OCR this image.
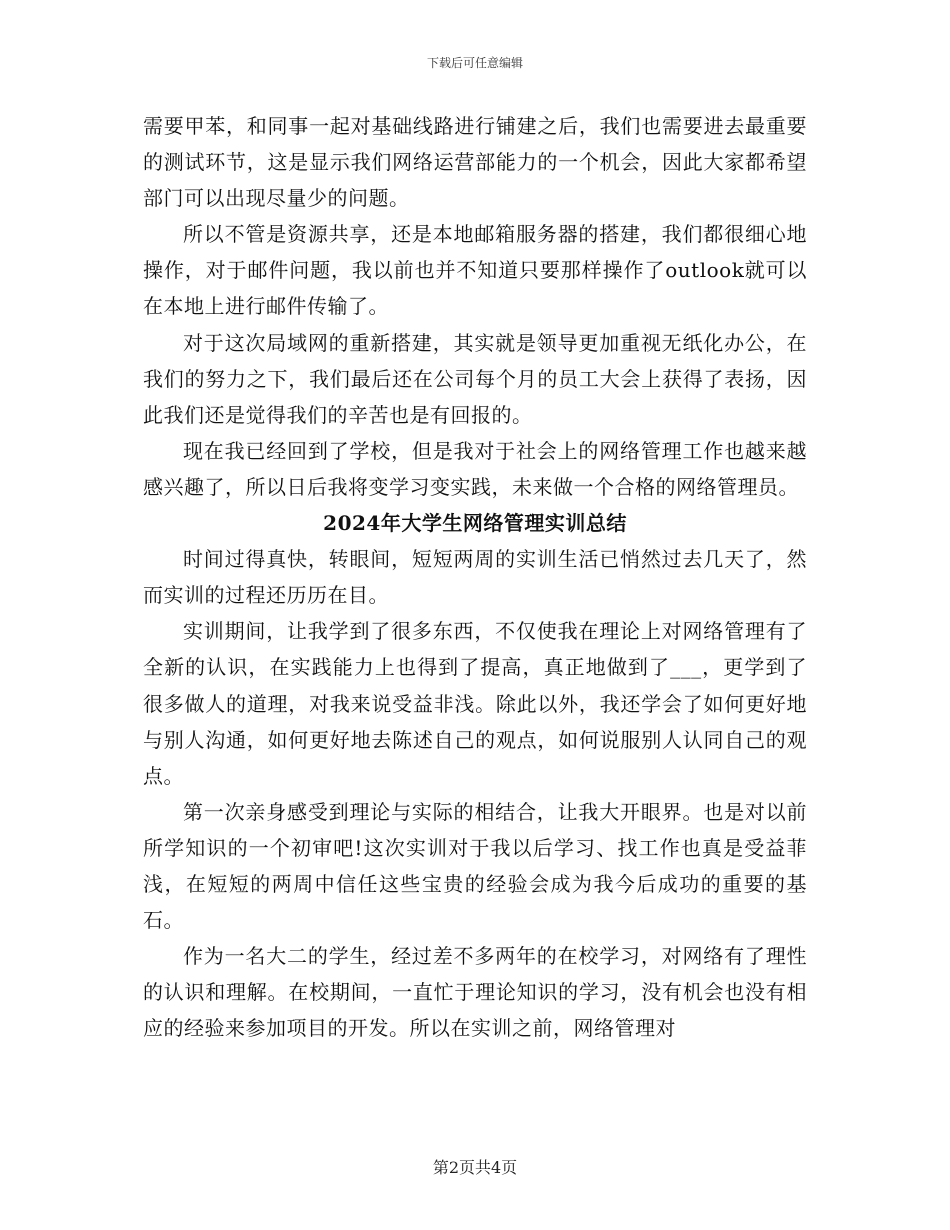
下载后可任意编辑

需要甲苯，和同事一起对基础线路进行铺建之后，我们也需要进去最重要的测试环节，这是显示我们网络运营部能力的一个机会，因此大家都希望部门可以出现尽量少的问题。

所以不管是资源共享，还是本地邮箱服务器的搭建，我们都很细心地操作，对于邮件问题，我以前也并不知道只要那样操作了outlook就可以在本地上进行邮件传输了。

对于这次局域网的重新搭建，其实就是领导更加重视无纸化办公，在我们的努力之下，我们最后还在公司每个月的员工大会上获得了表扬，因此我们还是觉得我们的辛苦也是有回报的。

现在我已经回到了学校，但是我对于社会上的网络管理工作也越来越感兴趣了，所以日后我将变学习变实践，未来做一个合格的网络管理员。

2024年大学生网络管理实训总结

时间过得真快，转眼间，短短两周的实训生活已悄然过去几天了，然而实训的过程还历历在目。

实训期间，让我学到了很多东西，不仅使我在理论上对网络管理有了全新的认识，在实践能力上也得到了提高，真正地做到了___，更学到了很多做人的道理，对我来说受益非浅。除此以外，我还学会了如何更好地与别人沟通，如何更好地去陈述自己的观点，如何说服别人认同自己的观点。

第一次亲身感受到理论与实际的相结合，让我大开眼界。也是对以前所学知识的一个初审吧!这次实训对于我以后学习、找工作也真是受益菲浅，在短短的两周中信任这些宝贵的经验会成为我今后成功的重要的基石。

作为一名大二的学生，经过差不多两年的在校学习，对网络有了理性的认识和理解。在校期间，一直忙于理论知识的学习，没有机会也没有相应的经验来参加项目的开发。所以在实训之前，网络管理对

第2页共4页
